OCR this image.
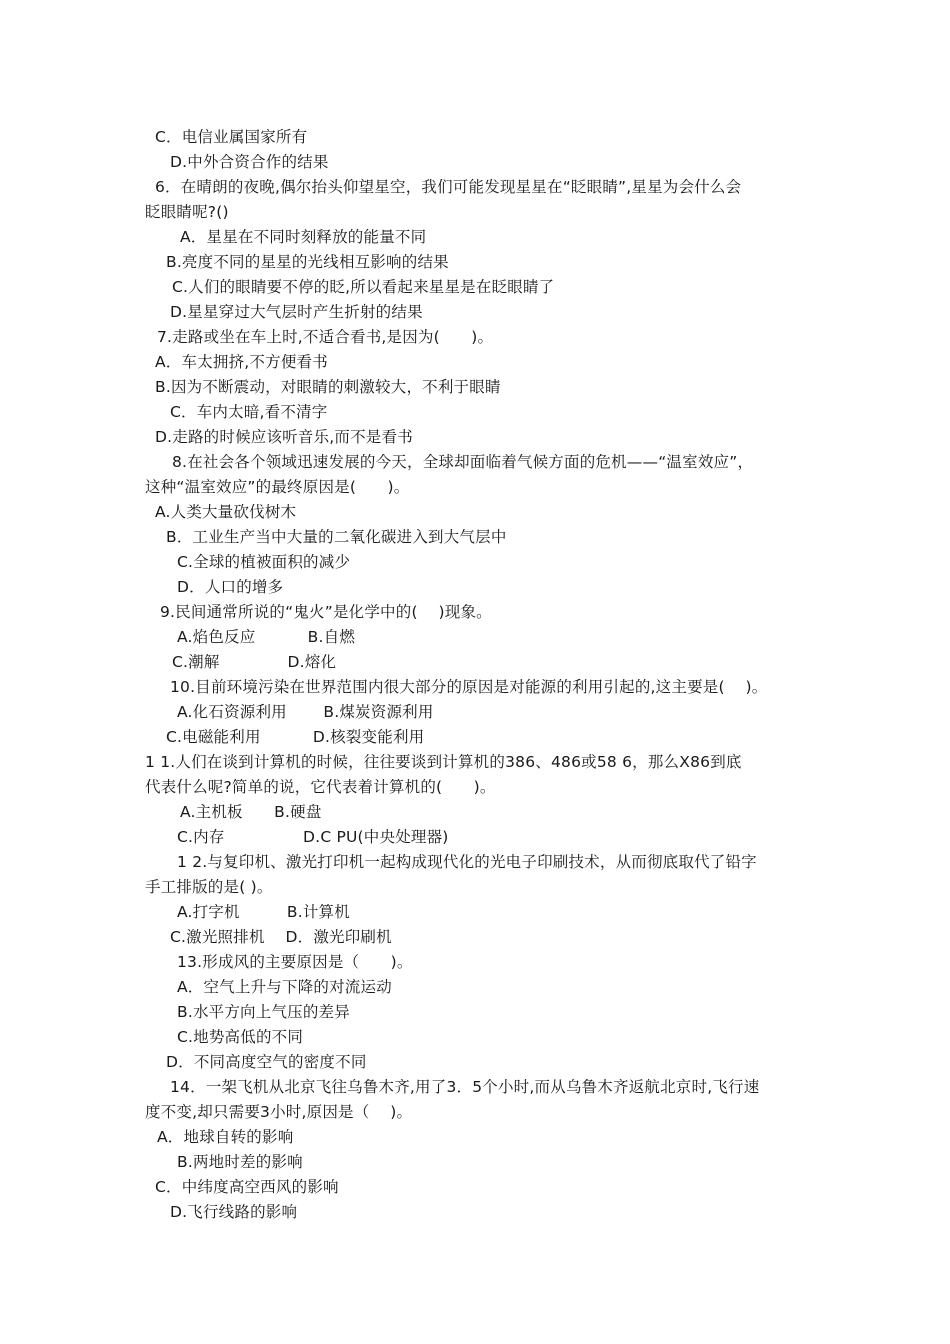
C．电信业属国家所有
D.中外合资合作的结果
6．在晴朗的夜晚,偶尔抬头仰望星空，我们可能发现星星在“眨眼睛”,星星为会什么会
眨眼睛呢?()
A．星星在不同时刻释放的能量不同
B.亮度不同的星星的光线相互影响的结果
C.人们的眼睛要不停的眨,所以看起来星星是在眨眼睛了
D.星星穿过大气层时产生折射的结果
7.走路或坐在车上时,不适合看书,是因为(　　)。
A．车太拥挤,不方便看书
B.因为不断震动，对眼睛的刺激较大，不利于眼睛
C．车内太暗,看不清字
D.走路的时候应该听音乐,而不是看书
8.在社会各个领域迅速发展的今天，全球却面临着气候方面的危机——“温室效应”，
这种“温室效应”的最终原因是(　　)。
A.人类大量砍伐树木
B．工业生产当中大量的二氧化碳进入到大气层中
C.全球的植被面积的减少
D．人口的增多
9.民间通常所说的“鬼火”是化学中的(　 )现象。
A.焰色反应　　　 B.自燃
C.潮解　　　　 D.熔化
10.目前环境污染在世界范围内很大部分的原因是对能源的利用引起的,这主要是(　 )。
A.化石资源利用　　 B.煤炭资源利用
C.电磁能利用　　　 D.核裂变能利用
1 1.人们在谈到计算机的时候，往往要谈到计算机的386、486或58 6，那么X86到底
代表什么呢?简单的说，它代表着计算机的(　　)。
A.主机板　　B.硬盘
C.内存　　　　　D.C PU(中央处理器)
1 2.与复印机、激光打印机一起构成现代化的光电子印刷技术，从而彻底取代了铅字
手工排版的是( )。
A.打字机　　　B.计算机
C.激光照排机　 D．激光印刷机
13.形成风的主要原因是（　　)。
A．空气上升与下降的对流运动
B.水平方向上气压的差异
C.地势高低的不同
D．不同高度空气的密度不同
14．一架飞机从北京飞往乌鲁木齐,用了3．5个小时,而从乌鲁木齐返航北京时,飞行速
度不变,却只需要3小时,原因是（　 )。
A．地球自转的影响
B.两地时差的影响
C．中纬度高空西风的影响
D.飞行线路的影响
